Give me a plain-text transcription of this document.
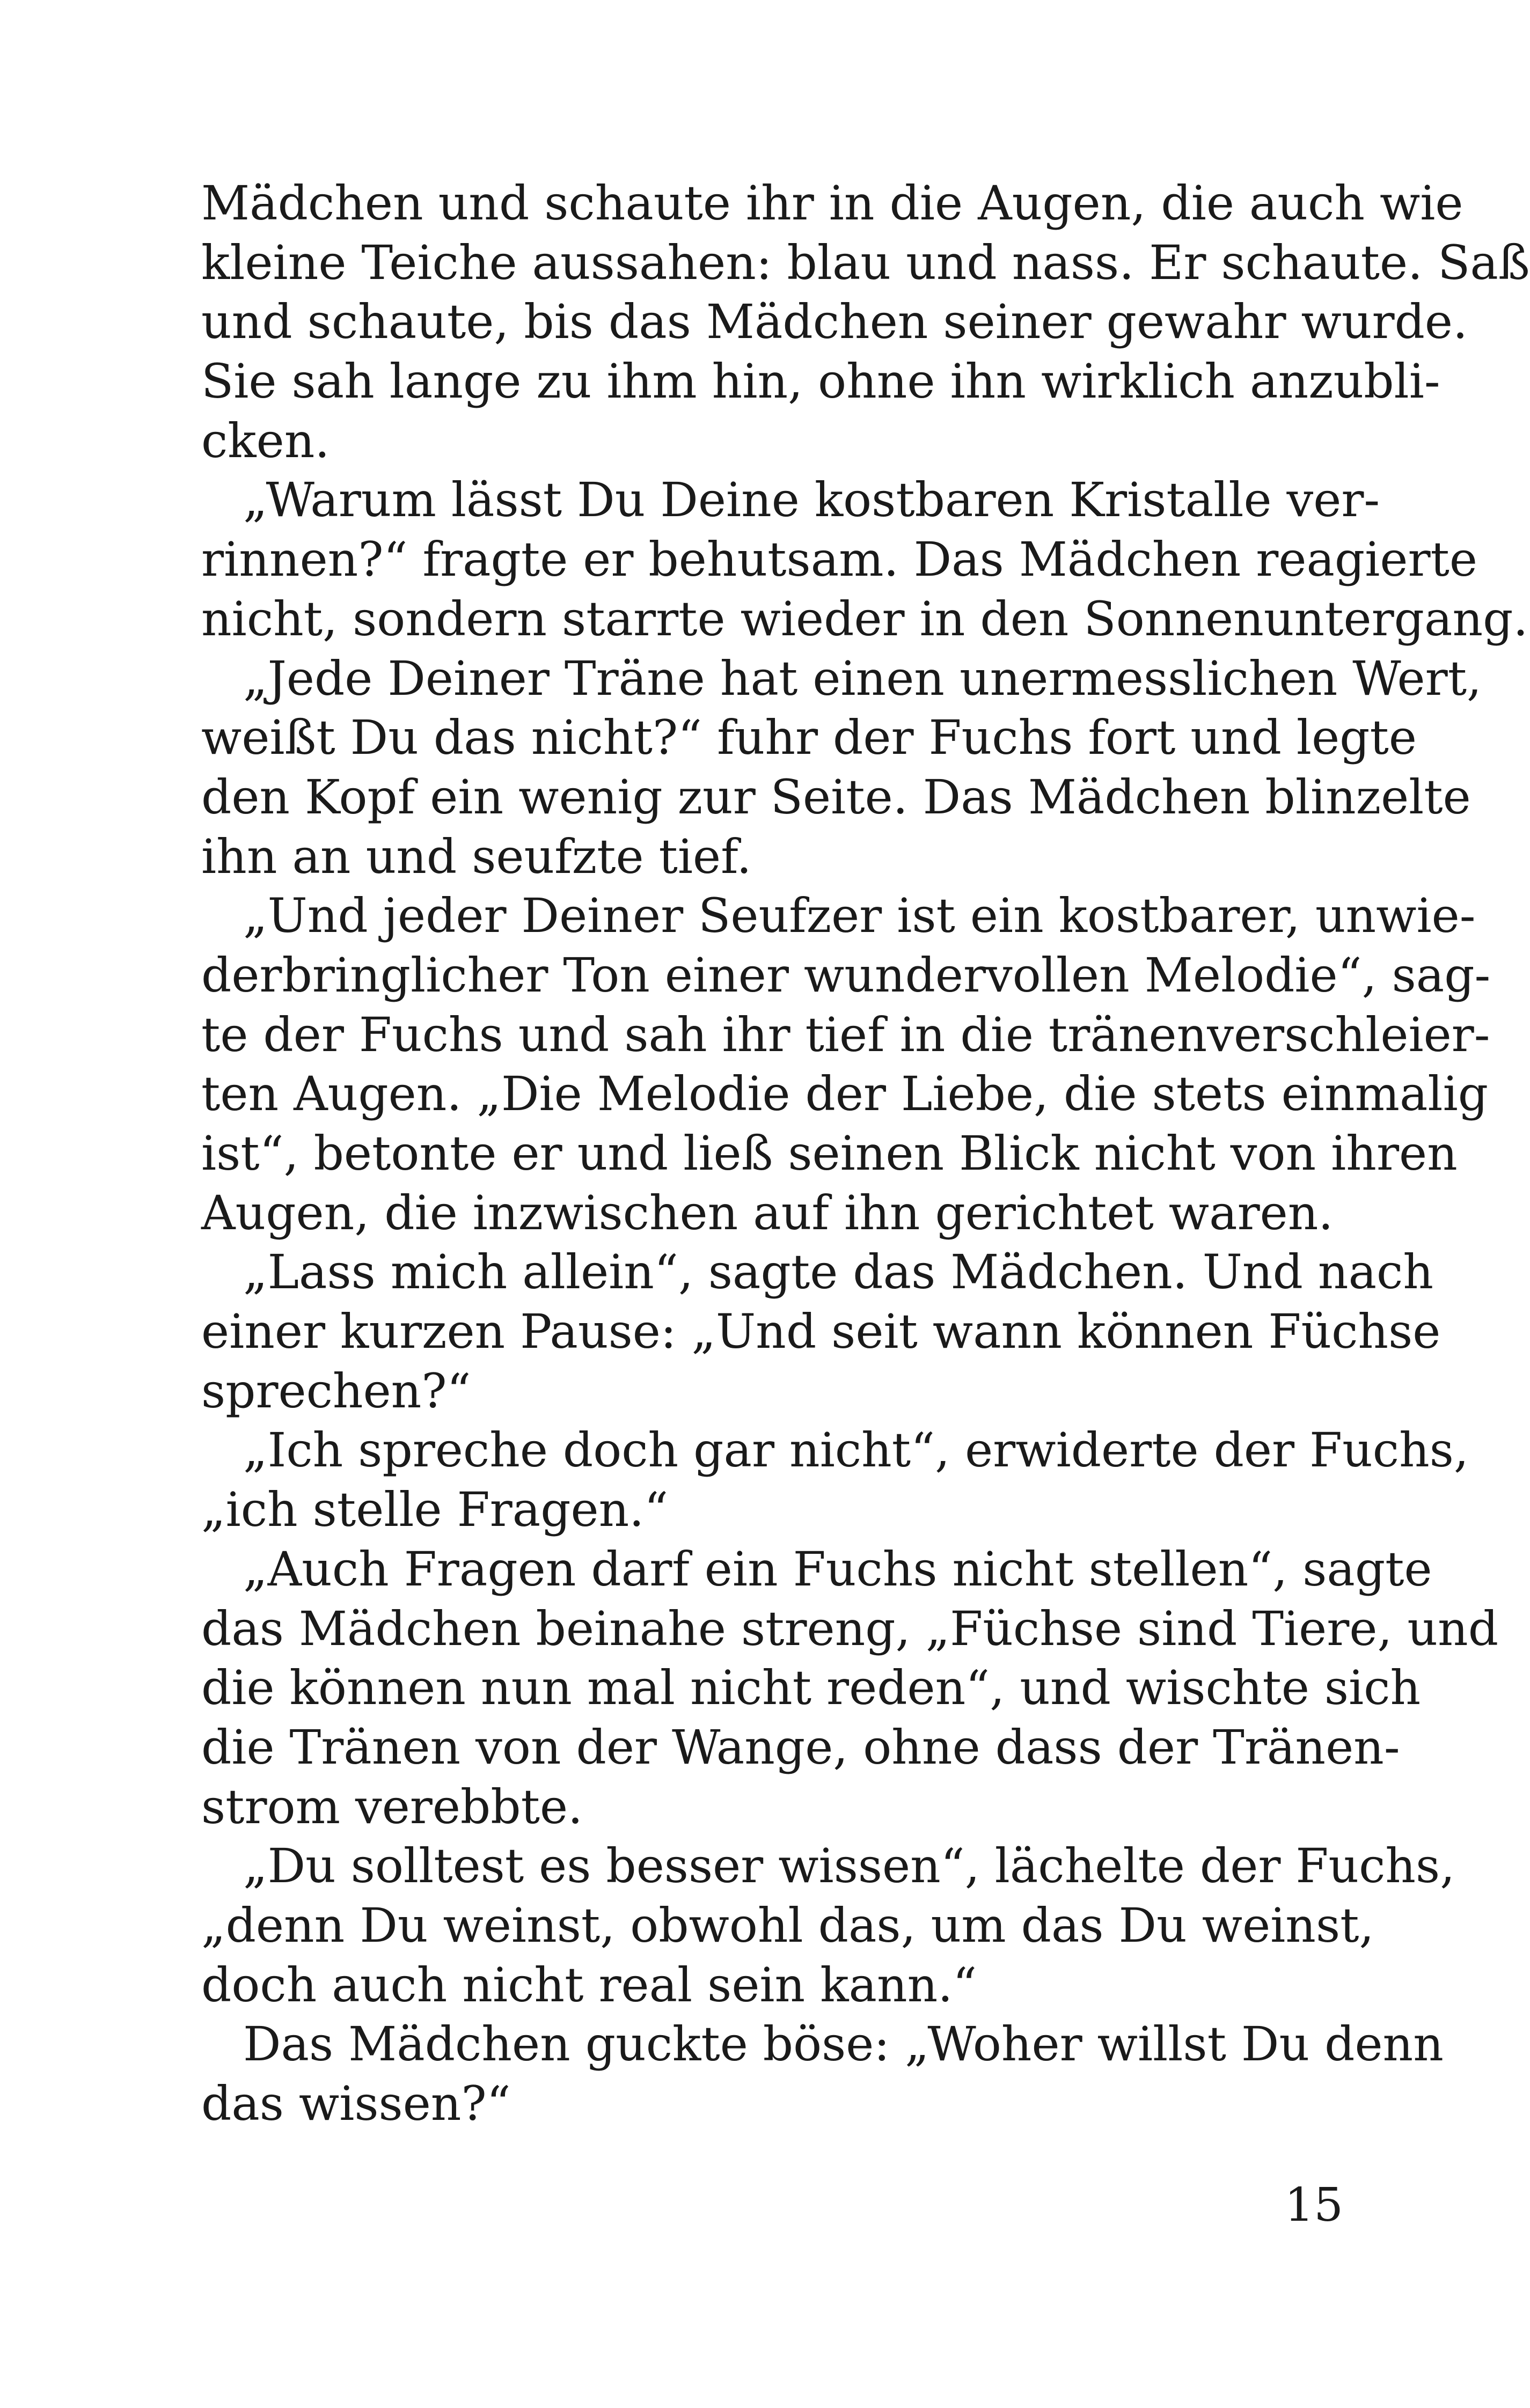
Mädchen und schaute ihr in die Augen, die auch wie
kleine Teiche aussahen: blau und nass. Er schaute. Saß
und schaute, bis das Mädchen seiner gewahr wurde.
Sie sah lange zu ihm hin, ohne ihn wirklich anzubli-
cken.
„Warum lässt Du Deine kostbaren Kristalle ver-
rinnen?“ fragte er behutsam. Das Mädchen reagierte
nicht, sondern starrte wieder in den Sonnenuntergang.
„Jede Deiner Träne hat einen unermesslichen Wert,
weißt Du das nicht?“ fuhr der Fuchs fort und legte
den Kopf ein wenig zur Seite. Das Mädchen blinzelte
ihn an und seufzte tief.
„Und jeder Deiner Seufzer ist ein kostbarer, unwie-
derbringlicher Ton einer wundervollen Melodie“, sag-
te der Fuchs und sah ihr tief in die tränenverschleier-
ten Augen. „Die Melodie der Liebe, die stets einmalig
ist“, betonte er und ließ seinen Blick nicht von ihren
Augen, die inzwischen auf ihn gerichtet waren.
„Lass mich allein“, sagte das Mädchen. Und nach
einer kurzen Pause: „Und seit wann können Füchse
sprechen?“
„Ich spreche doch gar nicht“, erwiderte der Fuchs,
„ich stelle Fragen.“
„Auch Fragen darf ein Fuchs nicht stellen“, sagte
das Mädchen beinahe streng, „Füchse sind Tiere, und
die können nun mal nicht reden“, und wischte sich
die Tränen von der Wange, ohne dass der Tränen-
strom verebbte.
„Du solltest es besser wissen“, lächelte der Fuchs,
„denn Du weinst, obwohl das, um das Du weinst,
doch auch nicht real sein kann.“
Das Mädchen guckte böse: „Woher willst Du denn
das wissen?“
15
